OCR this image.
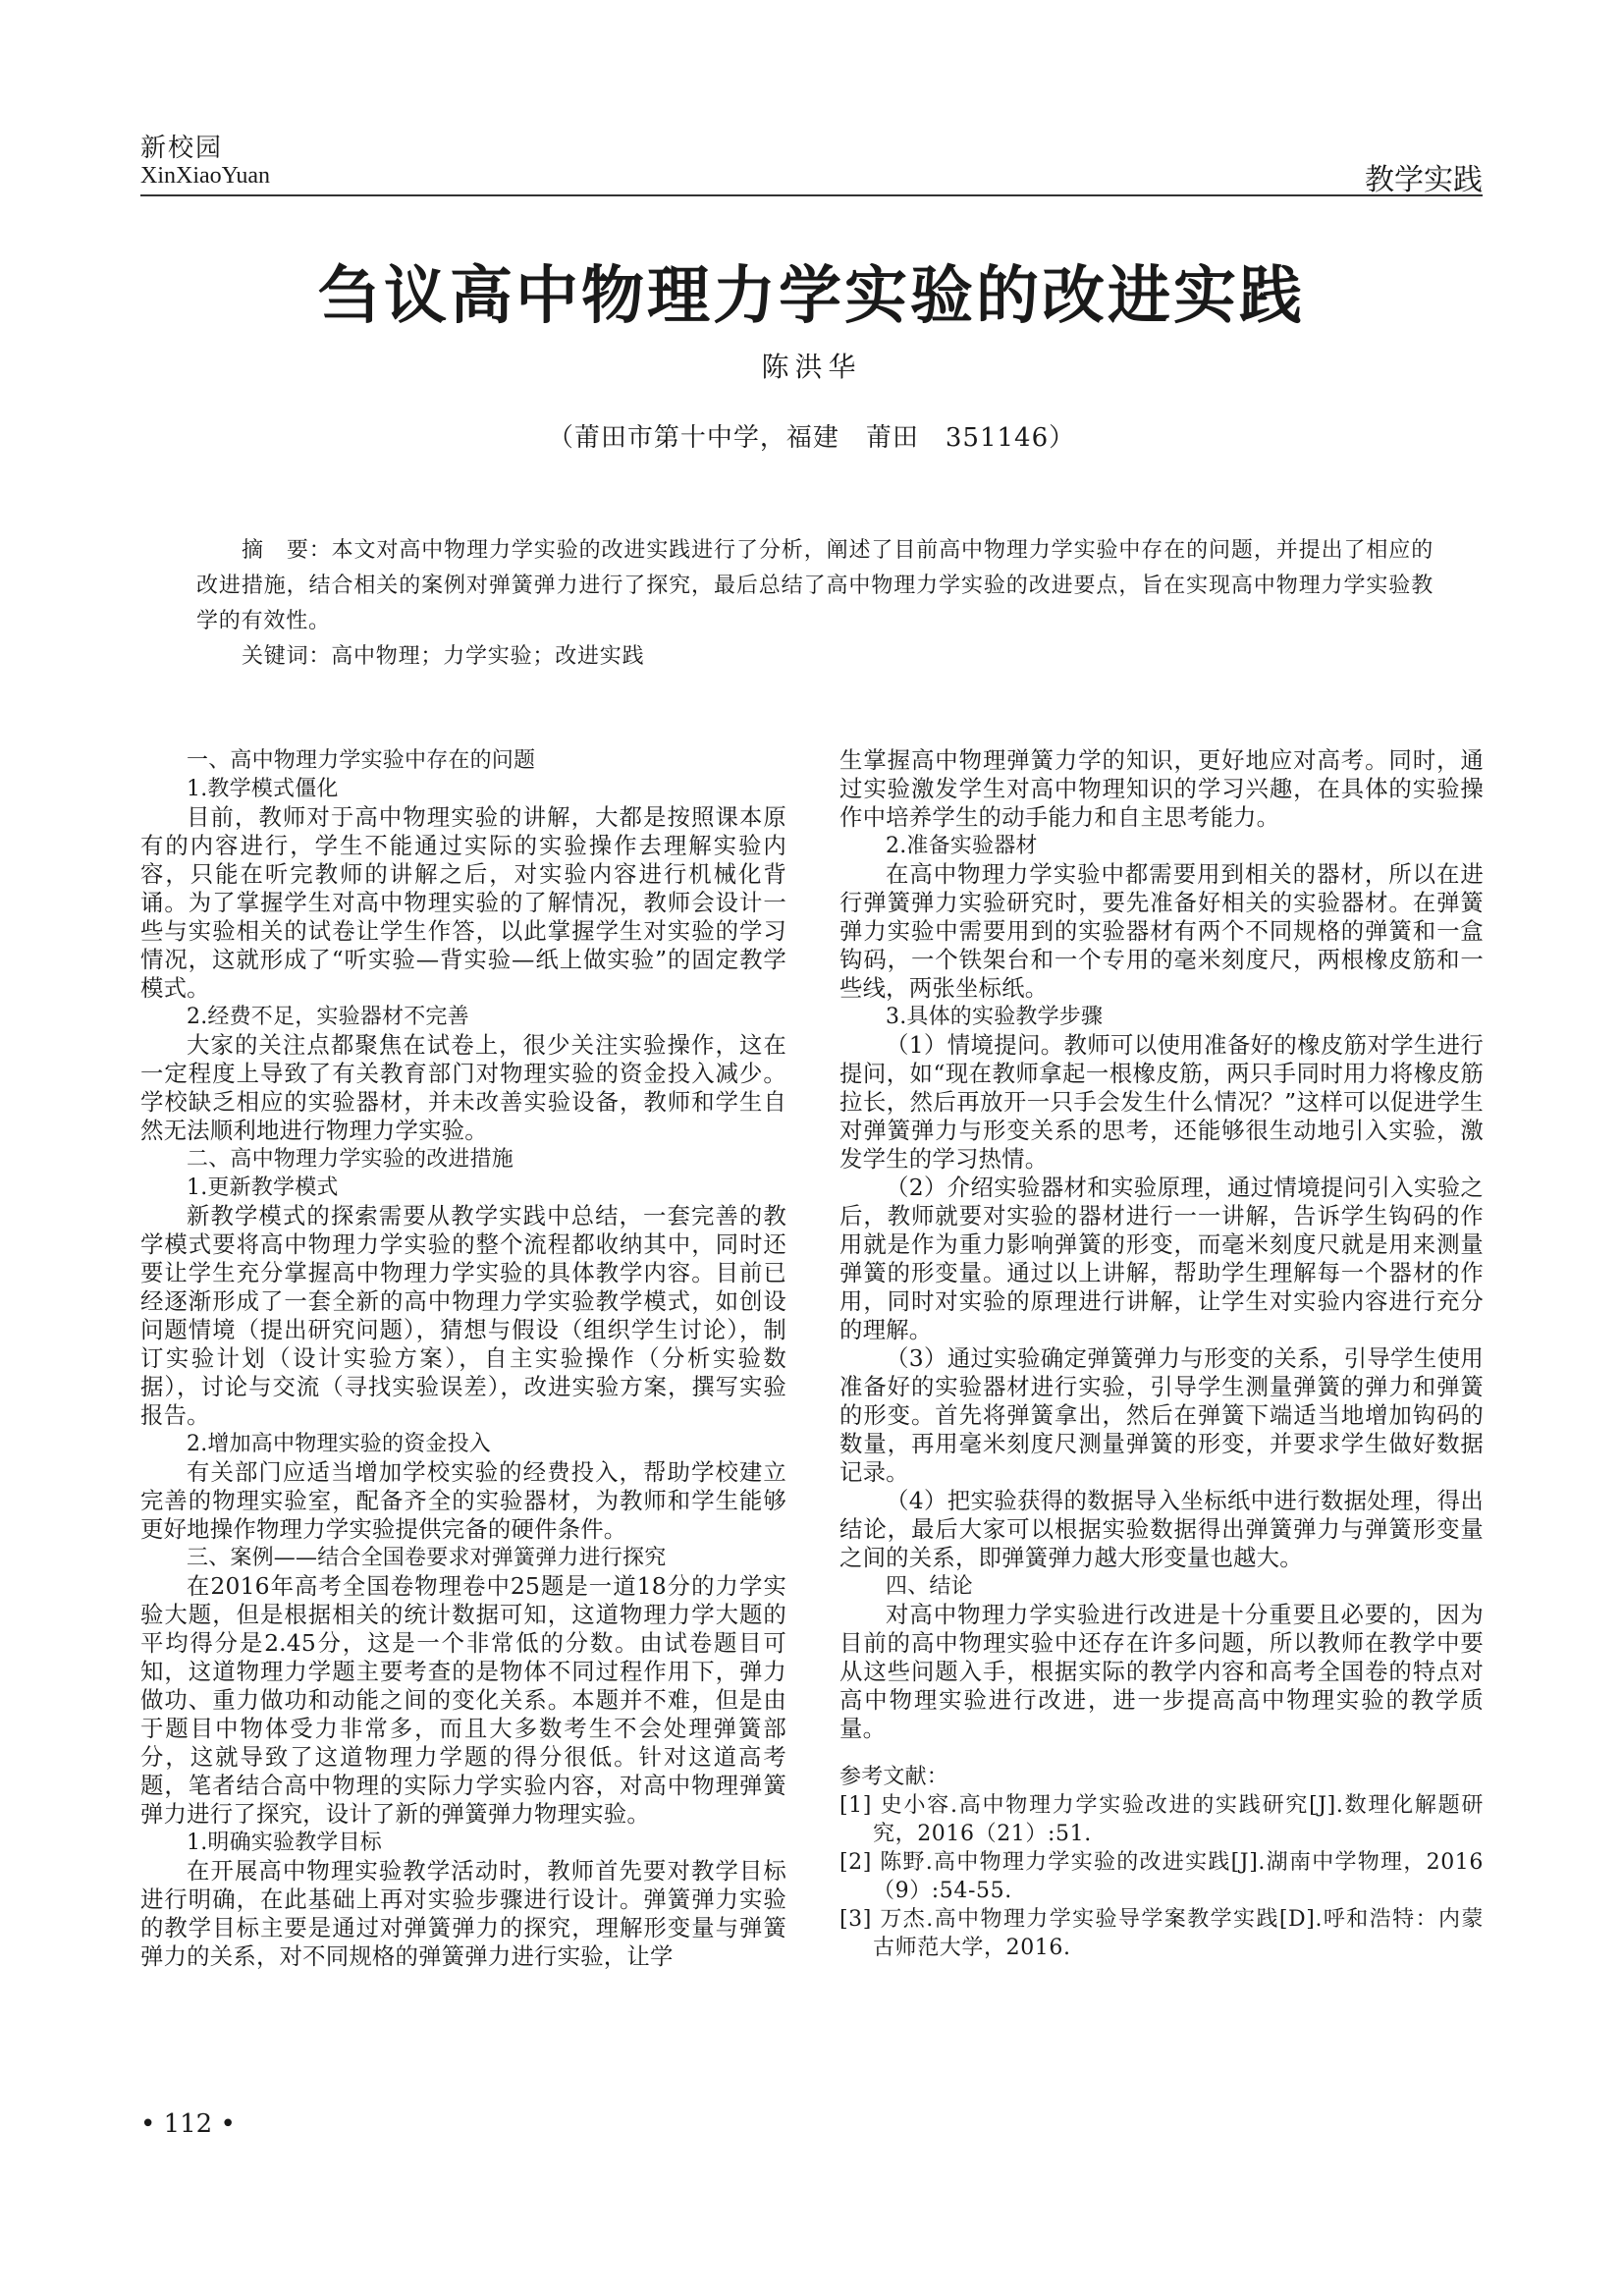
新校园
XinXiaoYuan	教学实践
刍议高中物理力学实验的改进实践
陈洪华
（莆田市第十中学，福建　莆田　351146）

摘　要：本文对高中物理力学实验的改进实践进行了分析，阐述了目前高中物理力学实验中存在的问题，并提出了相应的改进措施，结合相关的案例对弹簧弹力进行了探究，最后总结了高中物理力学实验的改进要点，旨在实现高中物理力学实验教学的有效性。

关键词：高中物理；力学实验；改进实践

一、高中物理力学实验中存在的问题

1.教学模式僵化

目前，教师对于高中物理实验的讲解，大都是按照课本原有的内容进行，学生不能通过实际的实验操作去理解实验内容，只能在听完教师的讲解之后，对实验内容进行机械化背诵。为了掌握学生对高中物理实验的了解情况，教师会设计一些与实验相关的试卷让学生作答，以此掌握学生对实验的学习情况，这就形成了“听实验—背实验—纸上做实验”的固定教学模式。

2.经费不足，实验器材不完善

大家的关注点都聚焦在试卷上，很少关注实验操作，这在一定程度上导致了有关教育部门对物理实验的资金投入减少。学校缺乏相应的实验器材，并未改善实验设备，教师和学生自然无法顺利地进行物理力学实验。

二、高中物理力学实验的改进措施

1.更新教学模式

新教学模式的探索需要从教学实践中总结，一套完善的教学模式要将高中物理力学实验的整个流程都收纳其中，同时还要让学生充分掌握高中物理力学实验的具体教学内容。目前已经逐渐形成了一套全新的高中物理力学实验教学模式，如创设问题情境（提出研究问题），猜想与假设（组织学生讨论），制订实验计划（设计实验方案），自主实验操作（分析实验数据），讨论与交流（寻找实验误差），改进实验方案，撰写实验报告。

2.增加高中物理实验的资金投入

有关部门应适当增加学校实验的经费投入，帮助学校建立完善的物理实验室，配备齐全的实验器材，为教师和学生能够更好地操作物理力学实验提供完备的硬件条件。

三、案例——结合全国卷要求对弹簧弹力进行探究

在2016年高考全国卷物理卷中25题是一道18分的力学实验大题，但是根据相关的统计数据可知，这道物理力学大题的平均得分是2.45分，这是一个非常低的分数。由试卷题目可知，这道物理力学题主要考查的是物体不同过程作用下，弹力做功、重力做功和动能之间的变化关系。本题并不难，但是由于题目中物体受力非常多，而且大多数考生不会处理弹簧部分，这就导致了这道物理力学题的得分很低。针对这道高考题，笔者结合高中物理的实际力学实验内容，对高中物理弹簧弹力进行了探究，设计了新的弹簧弹力物理实验。

1.明确实验教学目标

在开展高中物理实验教学活动时，教师首先要对教学目标进行明确，在此基础上再对实验步骤进行设计。弹簧弹力实验的教学目标主要是通过对弹簧弹力的探究，理解形变量与弹簧弹力的关系，对不同规格的弹簧弹力进行实验，让学

生掌握高中物理弹簧力学的知识，更好地应对高考。同时，通过实验激发学生对高中物理知识的学习兴趣，在具体的实验操作中培养学生的动手能力和自主思考能力。

2.准备实验器材

在高中物理力学实验中都需要用到相关的器材，所以在进行弹簧弹力实验研究时，要先准备好相关的实验器材。在弹簧弹力实验中需要用到的实验器材有两个不同规格的弹簧和一盒钩码，一个铁架台和一个专用的毫米刻度尺，两根橡皮筋和一些线，两张坐标纸。

3.具体的实验教学步骤

（1）情境提问。教师可以使用准备好的橡皮筋对学生进行提问，如“现在教师拿起一根橡皮筋，两只手同时用力将橡皮筋拉长，然后再放开一只手会发生什么情况？”这样可以促进学生对弹簧弹力与形变关系的思考，还能够很生动地引入实验，激发学生的学习热情。

（2）介绍实验器材和实验原理，通过情境提问引入实验之后，教师就要对实验的器材进行一一讲解，告诉学生钩码的作用就是作为重力影响弹簧的形变，而毫米刻度尺就是用来测量弹簧的形变量。通过以上讲解，帮助学生理解每一个器材的作用，同时对实验的原理进行讲解，让学生对实验内容进行充分的理解。

（3）通过实验确定弹簧弹力与形变的关系，引导学生使用准备好的实验器材进行实验，引导学生测量弹簧的弹力和弹簧的形变。首先将弹簧拿出，然后在弹簧下端适当地增加钩码的数量，再用毫米刻度尺测量弹簧的形变，并要求学生做好数据记录。

（4）把实验获得的数据导入坐标纸中进行数据处理，得出结论，最后大家可以根据实验数据得出弹簧弹力与弹簧形变量之间的关系，即弹簧弹力越大形变量也越大。

四、结论

对高中物理力学实验进行改进是十分重要且必要的，因为目前的高中物理实验中还存在许多问题，所以教师在教学中要从这些问题入手，根据实际的教学内容和高考全国卷的特点对高中物理实验进行改进，进一步提高高中物理实验的教学质量。

参考文献：

[1] 史小容.高中物理力学实验改进的实践研究[J].数理化解题研究，2016（21）:51.

[2] 陈野.高中物理力学实验的改进实践[J].湖南中学物理，2016（9）:54-55.

[3] 万杰.高中物理力学实验导学案教学实践[D].呼和浩特：内蒙古师范大学，2016.

• 112 •
